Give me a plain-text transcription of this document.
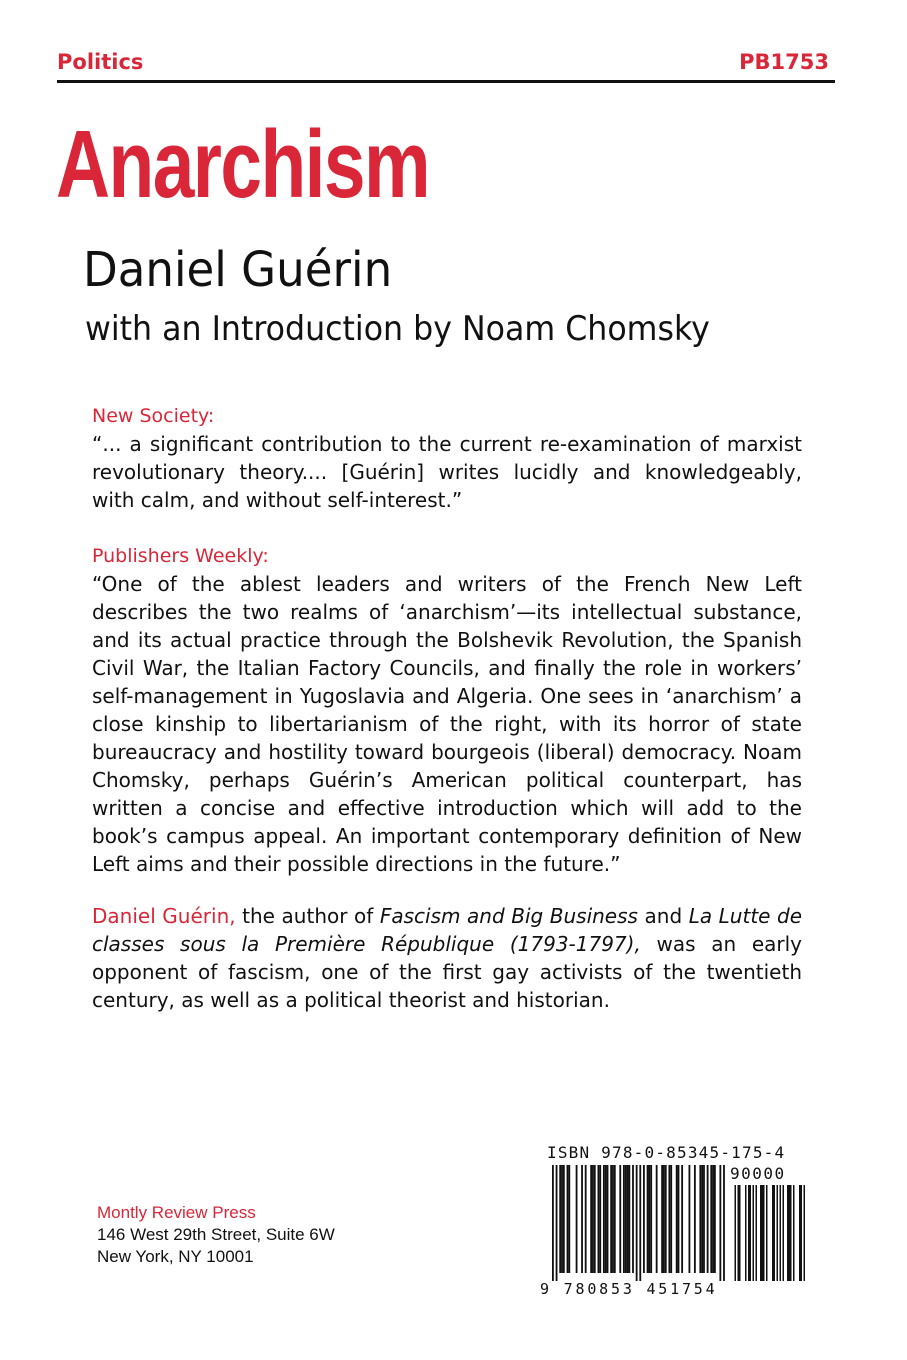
Politics	PB1753
Anarchism
Daniel Guérin
with an Introduction by Noam Chomsky
New Society:
“... a significant contribution to the current re-examination of marxist revolutionary theory.... [Guérin] writes lucidly and knowledgeably, with calm, and without self-interest.”
Publishers Weekly:
“One of the ablest leaders and writers of the French New Left describes the two realms of ‘anarchism’—its intellectual substance, and its actual practice through the Bolshevik Revolution, the Spanish Civil War, the Italian Factory Councils, and finally the role in workers’ self-management in Yugoslavia and Algeria. One sees in ‘anarchism’ a close kinship to libertarianism of the right, with its horror of state bureaucracy and hostility toward bourgeois (liberal) democracy. Noam Chomsky, perhaps Guérin’s American political counterpart, has written a concise and effective introduction which will add to the book’s campus appeal. An important contemporary definition of New Left aims and their possible directions in the future.”
Daniel Guérin, the author of Fascism and Big Business and La Lutte de classes sous la Première République (1793-1797), was an early opponent of fascism, one of the first gay activists of the twentieth century, as well as a political theorist and historian.
Montly Review Press
146 West 29th Street, Suite 6W
New York, NY 10001
ISBN 978-0-85345-175-4
90000
9 780853 451754
